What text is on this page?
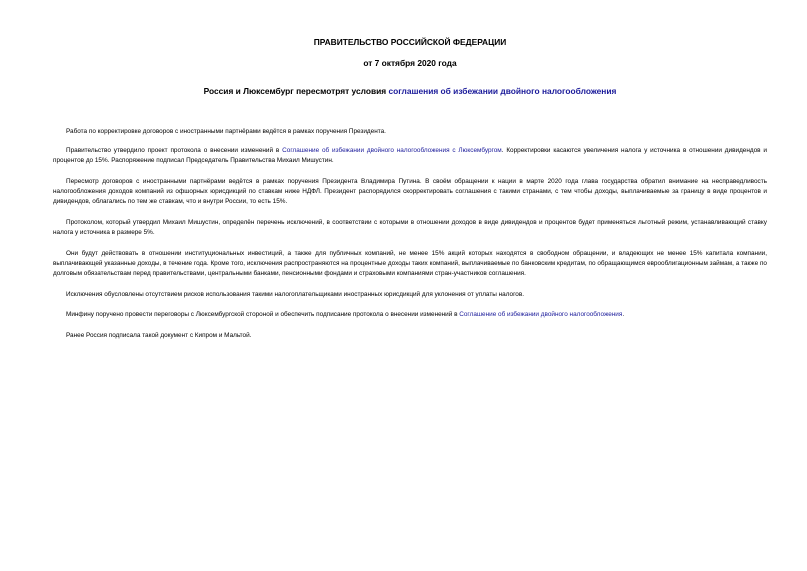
ПРАВИТЕЛЬСТВО РОССИЙСКОЙ ФЕДЕРАЦИИ
от 7 октября 2020 года
Россия и Люксембург пересмотрят условия соглашения об избежании двойного налогообложения

Работа по корректировке договоров с иностранными партнёрами ведётся в рамках поручения Президента.

Правительство утвердило проект протокола о внесении изменений в Соглашение об избежании двойного налогообложения с Люксембургом. Корректировки касаются увеличения налога у источника в отношении дивидендов и процентов до 15%. Распоряжение подписал Председатель Правительства Михаил Мишустин.

Пересмотр договоров с иностранными партнёрами ведётся в рамках поручения Президента Владимира Путина. В своём обращении к нации в марте 2020 года глава государства обратил внимание на несправедливость налогообложения доходов компаний из офшорных юрисдикций по ставкам ниже НДФЛ. Президент распорядился скорректировать соглашения с такими странами, с тем чтобы доходы, выплачиваемые за границу в виде процентов и дивидендов, облагались по тем же ставкам, что и внутри России, то есть 15%.

Протоколом, который утвердил Михаил Мишустин, определён перечень исключений, в соответствии с которыми в отношении доходов в виде дивидендов и процентов будет применяться льготный режим, устанавливающий ставку налога у источника в размере 5%.

Они будут действовать в отношении институциональных инвестиций, а также для публичных компаний, не менее 15% акций которых находятся в свободном обращении, и владеющих не менее 15% капитала компании, выплачивающей указанные доходы, в течение года. Кроме того, исключения распространяются на процентные доходы таких компаний, выплачиваемые по банковским кредитам, по обращающимся еврооблигационным займам, а также по долговым обязательствам перед правительствами, центральными банками, пенсионными фондами и страховыми компаниями стран-участников соглашения.

Исключения обусловлены отсутствием рисков использования такими налогоплательщиками иностранных юрисдикций для уклонения от уплаты налогов.

Минфину поручено провести переговоры с Люксембургской стороной и обеспечить подписание протокола о внесении изменений в Соглашение об избежании двойного налогообложения.

Ранее Россия подписала такой документ с Кипром и Мальтой.
